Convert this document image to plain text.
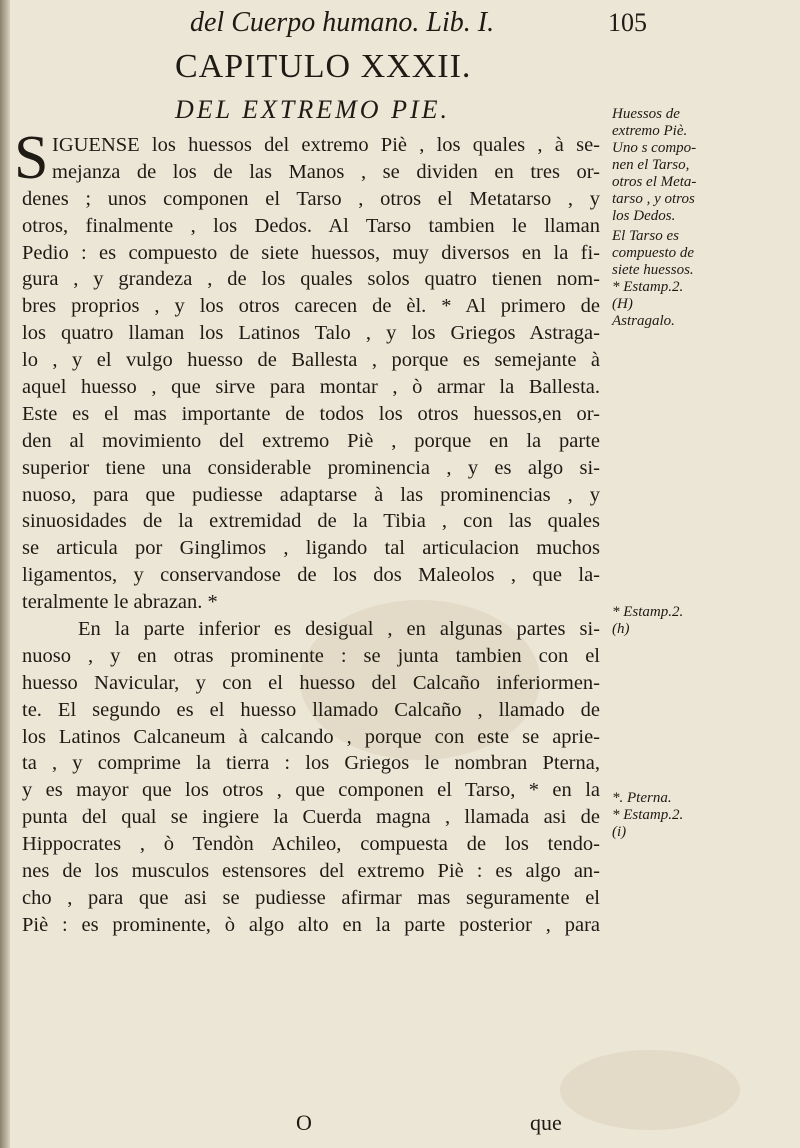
del Cuerpo humano. Lib. I.	105
CAPITULO XXXII.
DEL EXTREMO PIE.
S IGUENSE los huessos del extremo Piè , los quales , à se-
mejanza de los de las Manos , se dividen en tres or-
denes ; unos componen el Tarso , otros el Metatarso , y
otros, finalmente , los Dedos. Al Tarso tambien le llaman
Pedio : es compuesto de siete huessos, muy diversos en la fi-
gura , y grandeza , de los quales solos quatro tienen nom-
bres proprios , y los otros carecen de èl. * Al primero de
los quatro llaman los Latinos Talo , y los Griegos Astraga-
lo , y el vulgo huesso de Ballesta , porque es semejante à
aquel huesso , que sirve para montar , ò armar la Ballesta.
Este es el mas importante de todos los otros huessos,en or-
den al movimiento del extremo Piè , porque en la parte
superior tiene una considerable prominencia , y es algo si-
nuoso, para que pudiesse adaptarse à las prominencias , y
sinuosidades de la extremidad de la Tibia , con las quales
se articula por Ginglimos , ligando tal articulacion muchos
ligamentos, y conservandose de los dos Maleolos , que la-
teralmente le abrazan. *
En la parte inferior es desigual , en algunas partes si-
nuoso , y en otras prominente : se junta tambien con el
huesso Navicular, y con el huesso del Calcaño inferiormen-
te. El segundo es el huesso llamado Calcaño , llamado de
los Latinos Calcaneum à calcando , porque con este se aprie-
ta , y comprime la tierra : los Griegos le nombran Pterna,
y es mayor que los otros , que componen el Tarso, * en la
punta del qual se ingiere la Cuerda magna , llamada asi de
Hippocrates , ò Tendòn Achileo, compuesta de los tendo-
nes de los musculos estensores del extremo Piè : es algo an-
cho , para que asi se pudiesse afirmar mas seguramente el
Piè : es prominente, ò algo alto en la parte posterior , para
O	que
Huessos de
extremo Piè.
Uno s compo-
nen el Tarso,
otros el Meta-
tarso , y otros
los Dedos.
El Tarso es
compuesto de
siete huessos.
* Estamp.2.
(H)
Astragalo.
* Estamp.2.
(h)
*. Pterna.
* Estamp.2.
(i)
